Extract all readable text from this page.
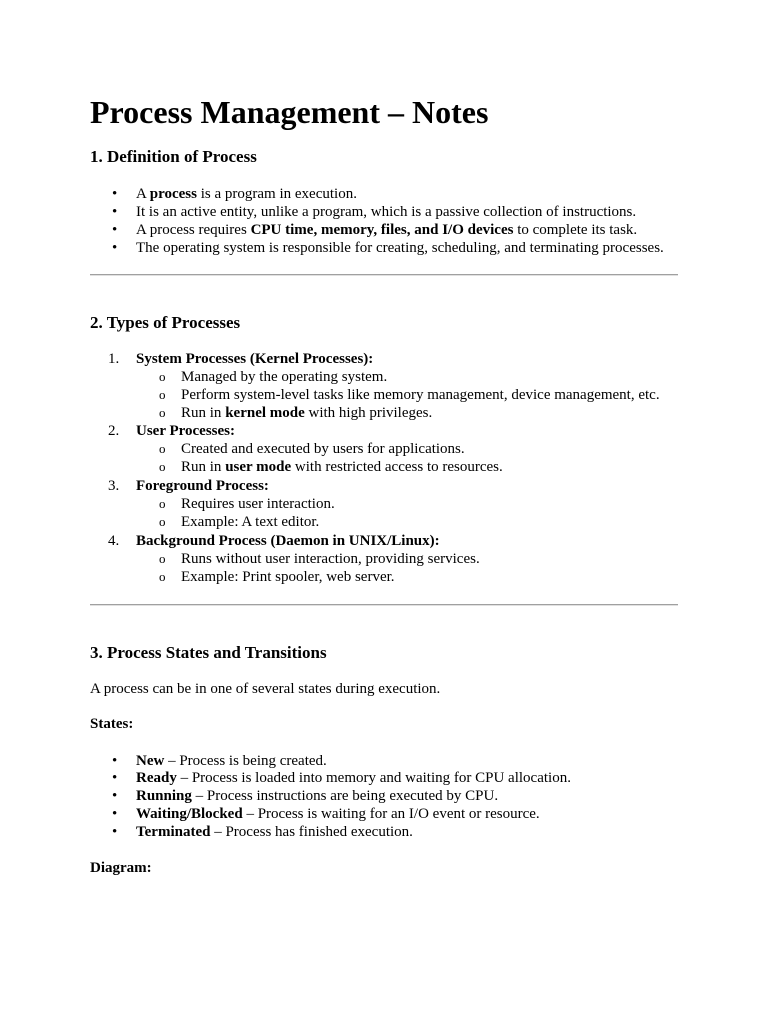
Process Management – Notes
1. Definition of Process
• A process is a program in execution.
• It is an active entity, unlike a program, which is a passive collection of instructions.
• A process requires CPU time, memory, files, and I/O devices to complete its task.
• The operating system is responsible for creating, scheduling, and terminating processes.
2. Types of Processes
1. System Processes (Kernel Processes):
o Managed by the operating system.
o Perform system-level tasks like memory management, device management, etc.
o Run in kernel mode with high privileges.
2. User Processes:
o Created and executed by users for applications.
o Run in user mode with restricted access to resources.
3. Foreground Process:
o Requires user interaction.
o Example: A text editor.
4. Background Process (Daemon in UNIX/Linux):
o Runs without user interaction, providing services.
o Example: Print spooler, web server.
3. Process States and Transitions
A process can be in one of several states during execution.
States:
• New – Process is being created.
• Ready – Process is loaded into memory and waiting for CPU allocation.
• Running – Process instructions are being executed by CPU.
• Waiting/Blocked – Process is waiting for an I/O event or resource.
• Terminated – Process has finished execution.
Diagram:
